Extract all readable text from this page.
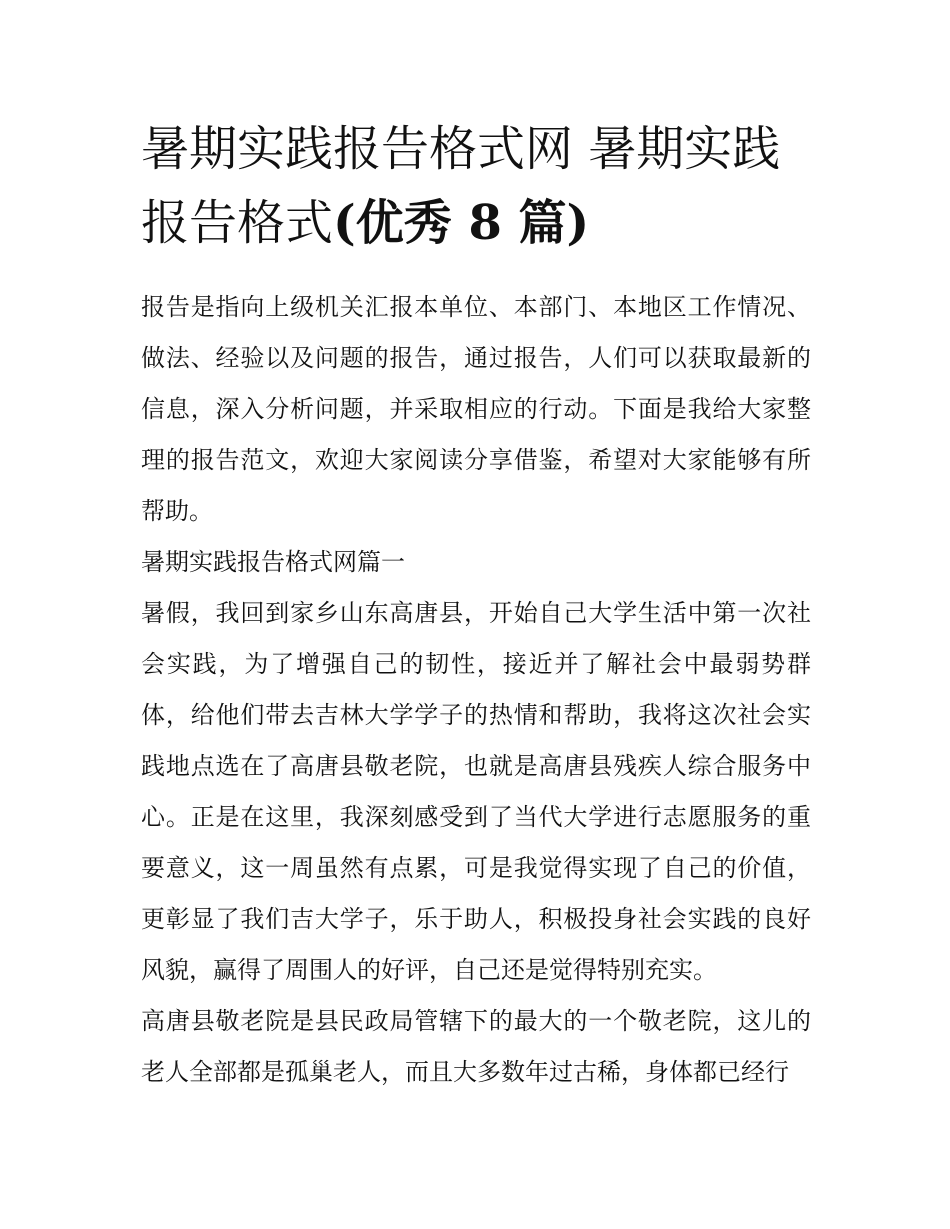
暑期实践报告格式网 暑期实践报告格式(优秀 8 篇)

报告是指向上级机关汇报本单位、本部门、本地区工作情况、做法、经验以及问题的报告，通过报告，人们可以获取最新的信息，深入分析问题，并采取相应的行动。下面是我给大家整理的报告范文，欢迎大家阅读分享借鉴，希望对大家能够有所帮助。

暑期实践报告格式网篇一

暑假，我回到家乡山东高唐县，开始自己大学生活中第一次社会实践，为了增强自己的韧性，接近并了解社会中最弱势群体，给他们带去吉林大学学子的热情和帮助，我将这次社会实践地点选在了高唐县敬老院，也就是高唐县残疾人综合服务中心。正是在这里，我深刻感受到了当代大学进行志愿服务的重要意义，这一周虽然有点累，可是我觉得实现了自己的价值，更彰显了我们吉大学子，乐于助人，积极投身社会实践的良好风貌，赢得了周围人的好评，自己还是觉得特别充实。

高唐县敬老院是县民政局管辖下的最大的一个敬老院，这儿的老人全部都是孤巢老人，而且大多数年过古稀，身体都已经行
